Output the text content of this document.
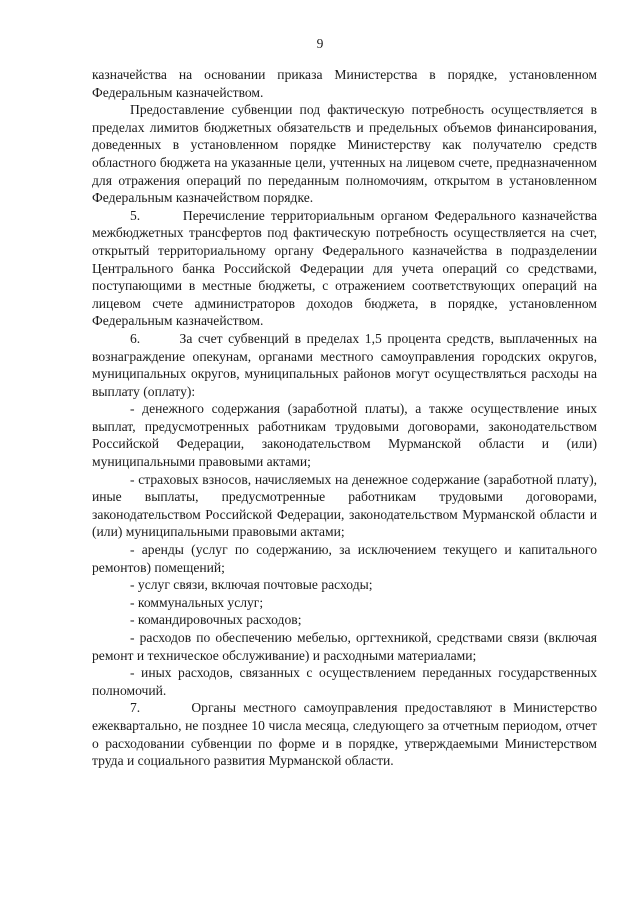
9

казначейства на основании приказа Министерства в порядке, установленном Федеральным казначейством.

Предоставление субвенции под фактическую потребность осуществляется в пределах лимитов бюджетных обязательств и предельных объемов финансирования, доведенных в установленном порядке Министерству как получателю средств областного бюджета на указанные цели, учтенных на лицевом счете, предназначенном для отражения операций по переданным полномочиям, открытом в установленном Федеральным казначейством порядке.

5.       Перечисление территориальным органом Федерального казначейства межбюджетных трансфертов под фактическую потребность осуществляется на счет, открытый территориальному органу Федерального казначейства в подразделении Центрального банка Российской Федерации для учета операций со средствами, поступающими в местные бюджеты, с отражением соответствующих операций на лицевом счете администраторов доходов бюджета, в порядке, установленном Федеральным казначейством.

6.       За счет субвенций в пределах 1,5 процента средств, выплаченных на вознаграждение опекунам, органами местного самоуправления городских округов, муниципальных округов, муниципальных районов могут осуществляться расходы на выплату (оплату):

- денежного содержания (заработной платы), а также осуществление иных выплат, предусмотренных работникам трудовыми договорами, законодательством Российской Федерации, законодательством Мурманской области и (или) муниципальными правовыми актами;

- страховых взносов, начисляемых на денежное содержание (заработной плату), иные выплаты, предусмотренные работникам трудовыми договорами, законодательством Российской Федерации, законодательством Мурманской области и (или) муниципальными правовыми актами;

- аренды (услуг по содержанию, за исключением текущего и капитального ремонтов) помещений;

- услуг связи, включая почтовые расходы;

- коммунальных услуг;

- командировочных расходов;

- расходов по обеспечению мебелью, оргтехникой, средствами связи (включая ремонт и техническое обслуживание) и расходными материалами;

- иных расходов, связанных с осуществлением переданных государственных полномочий.

7.       Органы местного самоуправления предоставляют в Министерство ежеквартально, не позднее 10 числа месяца, следующего за отчетным периодом, отчет о расходовании субвенции по форме и в порядке, утверждаемыми Министерством труда и социального развития Мурманской области.
